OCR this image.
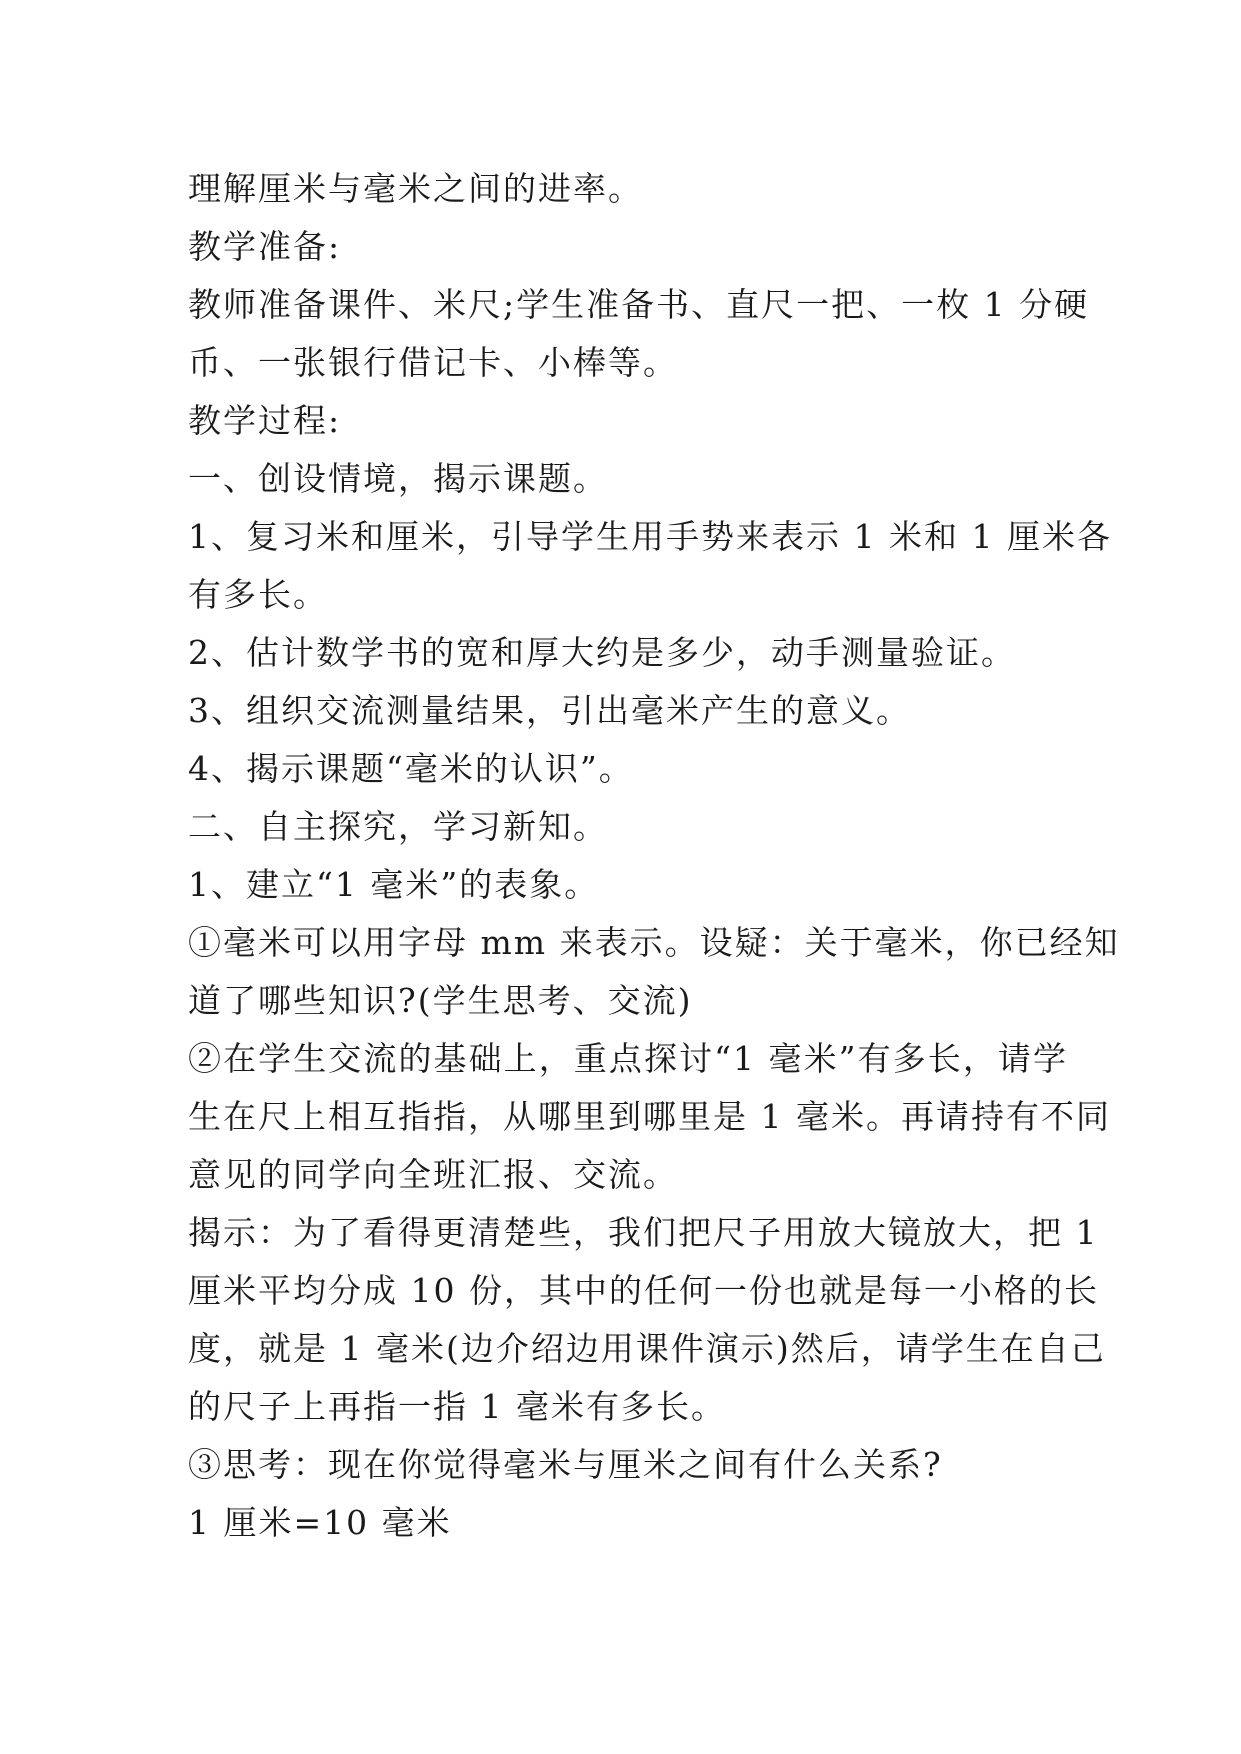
理解厘米与毫米之间的进率。
教学准备:
教师准备课件、米尺;学生准备书、直尺一把、一枚 1 分硬
币、一张银行借记卡、小棒等。
教学过程:
一、创设情境，揭示课题。
1、复习米和厘米，引导学生用手势来表示 1 米和 1 厘米各
有多长。
2、估计数学书的宽和厚大约是多少，动手测量验证。
3、组织交流测量结果，引出毫米产生的意义。
4、揭示课题“毫米的认识”。
二、自主探究，学习新知。
1、建立“1 毫米”的表象。
①毫米可以用字母 mm 来表示。设疑：关于毫米，你已经知
道了哪些知识?(学生思考、交流)
②在学生交流的基础上，重点探讨“1 毫米”有多长，请学
生在尺上相互指指，从哪里到哪里是 1 毫米。再请持有不同
意见的同学向全班汇报、交流。
揭示：为了看得更清楚些，我们把尺子用放大镜放大，把 1
厘米平均分成 10 份，其中的任何一份也就是每一小格的长
度，就是 1 毫米(边介绍边用课件演示)然后，请学生在自己
的尺子上再指一指 1 毫米有多长。
③思考：现在你觉得毫米与厘米之间有什么关系?
1 厘米=10 毫米
